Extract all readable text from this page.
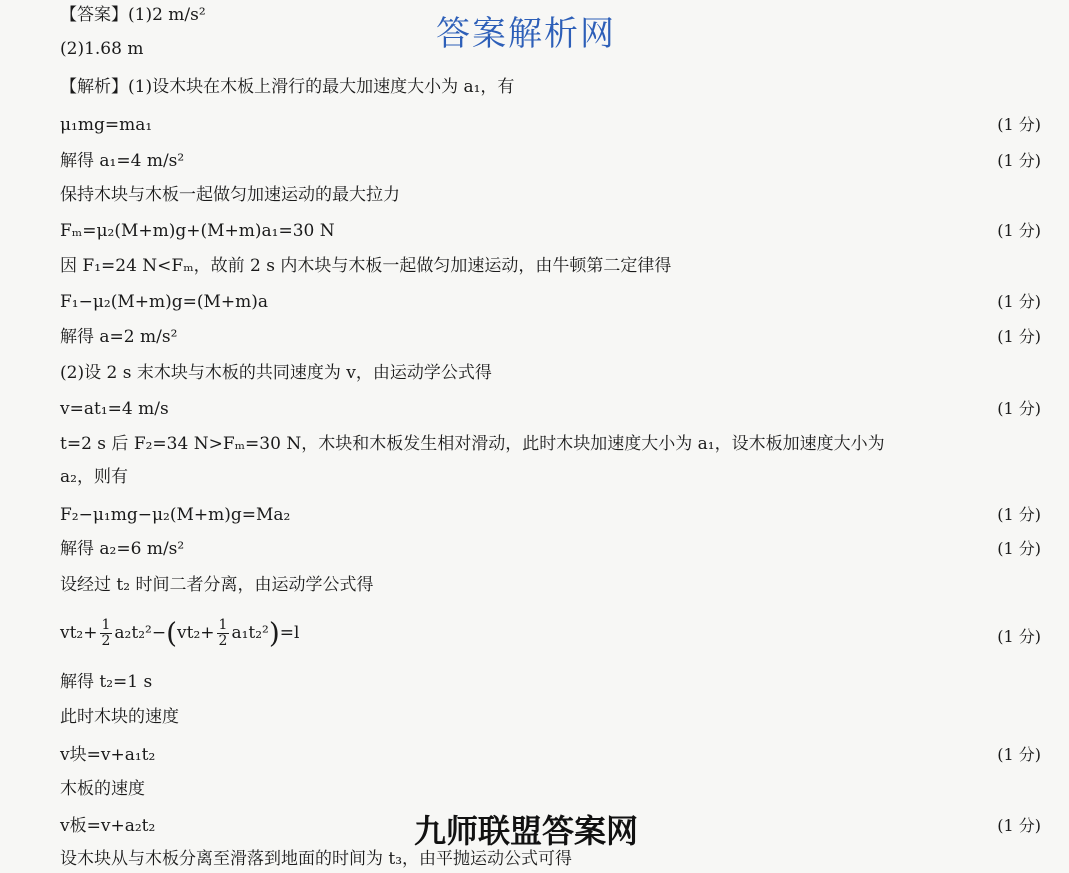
答案解析网
【答案】(1)2 m/s²
(2)1.68 m
【解析】(1)设木块在木板上滑行的最大加速度大小为 a₁，有
μ₁mg=ma₁	(1 分)
解得 a₁=4 m/s²	(1 分)
保持木块与木板一起做匀加速运动的最大拉力
Fₘ=μ₂(M+m)g+(M+m)a₁=30 N	(1 分)
因 F₁=24 N<Fₘ，故前 2 s 内木块与木板一起做匀加速运动，由牛顿第二定律得
F₁−μ₂(M+m)g=(M+m)a	(1 分)
解得 a=2 m/s²	(1 分)
(2)设 2 s 末木块与木板的共同速度为 v，由运动学公式得
v=at₁=4 m/s	(1 分)
t=2 s 后 F₂=34 N>Fₘ=30 N，木块和木板发生相对滑动，此时木块加速度大小为 a₁，设木板加速度大小为
a₂，则有
F₂−μ₁mg−μ₂(M+m)g=Ma₂	(1 分)
解得 a₂=6 m/s²	(1 分)
设经过 t₂ 时间二者分离，由运动学公式得
$vt_2+ \frac{1}{2} a_2t_2^2-(vt_2+ \frac{1}{2} a_1t_2^2)=l$	(1 分)
解得 t₂=1 s
此时木块的速度
v块=v+a₁t₂	(1 分)
木板的速度
v板=v+a₂t₂	(1 分)
设木块从与木板分离至滑落到地面的时间为 t₃，由平抛运动公式可得
九师联盟答案网
